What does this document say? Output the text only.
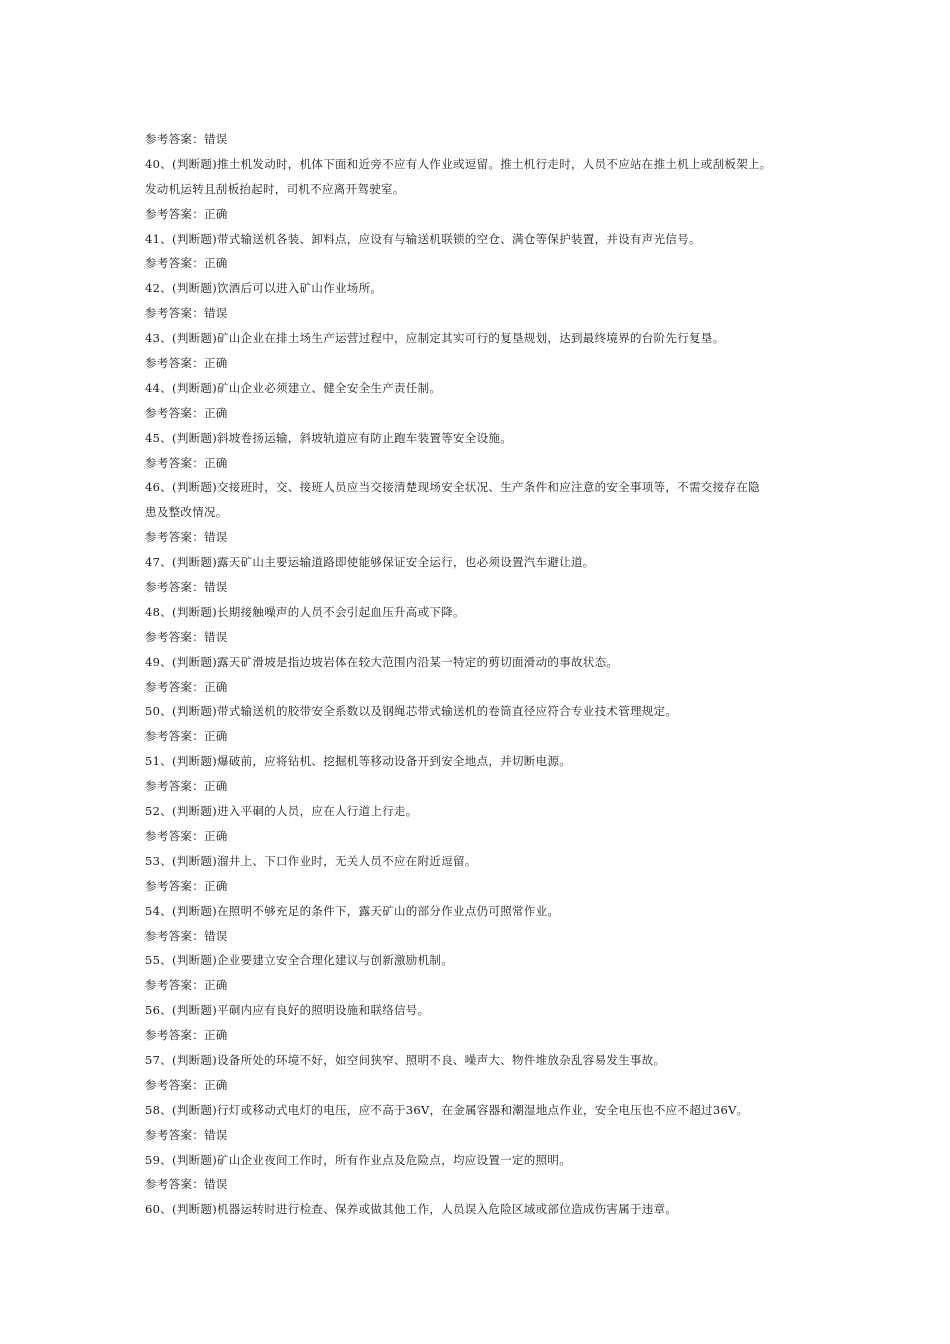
参考答案：错误
40、(判断题)推土机发动时，机体下面和近旁不应有人作业或逗留。推土机行走时，人员不应站在推土机上或刮板架上。
发动机运转且刮板抬起时，司机不应离开驾驶室。
参考答案：正确
41、(判断题)带式输送机各装、卸料点，应设有与输送机联锁的空仓、满仓等保护装置，并设有声光信号。
参考答案：正确
42、(判断题)饮酒后可以进入矿山作业场所。
参考答案：错误
43、(判断题)矿山企业在排土场生产运营过程中，应制定其实可行的复垦规划，达到最终境界的台阶先行复垦。
参考答案：正确
44、(判断题)矿山企业必须建立、健全安全生产责任制。
参考答案：正确
45、(判断题)斜坡卷扬运输，斜坡轨道应有防止跑车装置等安全设施。
参考答案：正确
46、(判断题)交接班时，交、接班人员应当交接清楚现场安全状况、生产条件和应注意的安全事项等，不需交接存在隐
患及整改情况。
参考答案：错误
47、(判断题)露天矿山主要运输道路即使能够保证安全运行，也必须设置汽车避让道。
参考答案：错误
48、(判断题)长期接触噪声的人员不会引起血压升高或下降。
参考答案：错误
49、(判断题)露天矿滑坡是指边坡岩体在较大范围内沿某一特定的剪切面滑动的事故状态。
参考答案：正确
50、(判断题)带式输送机的胶带安全系数以及钢绳芯带式输送机的卷筒直径应符合专业技术管理规定。
参考答案：正确
51、(判断题)爆破前，应将钻机、挖掘机等移动设备开到安全地点，并切断电源。
参考答案：正确
52、(判断题)进入平硐的人员，应在人行道上行走。
参考答案：正确
53、(判断题)溜井上、下口作业时，无关人员不应在附近逗留。
参考答案：正确
54、(判断题)在照明不够充足的条件下，露天矿山的部分作业点仍可照常作业。
参考答案：错误
55、(判断题)企业要建立安全合理化建议与创新激励机制。
参考答案：正确
56、(判断题)平硐内应有良好的照明设施和联络信号。
参考答案：正确
57、(判断题)设备所处的环境不好，如空间狭窄、照明不良、噪声大、物件堆放杂乱容易发生事故。
参考答案：正确
58、(判断题)行灯或移动式电灯的电压，应不高于36V，在金属容器和潮湿地点作业，安全电压也不应不超过36V。
参考答案：错误
59、(判断题)矿山企业夜间工作时，所有作业点及危险点，均应设置一定的照明。
参考答案：错误
60、(判断题)机器运转时进行检查、保养或做其他工作，人员误入危险区域或部位造成伤害属于违章。
